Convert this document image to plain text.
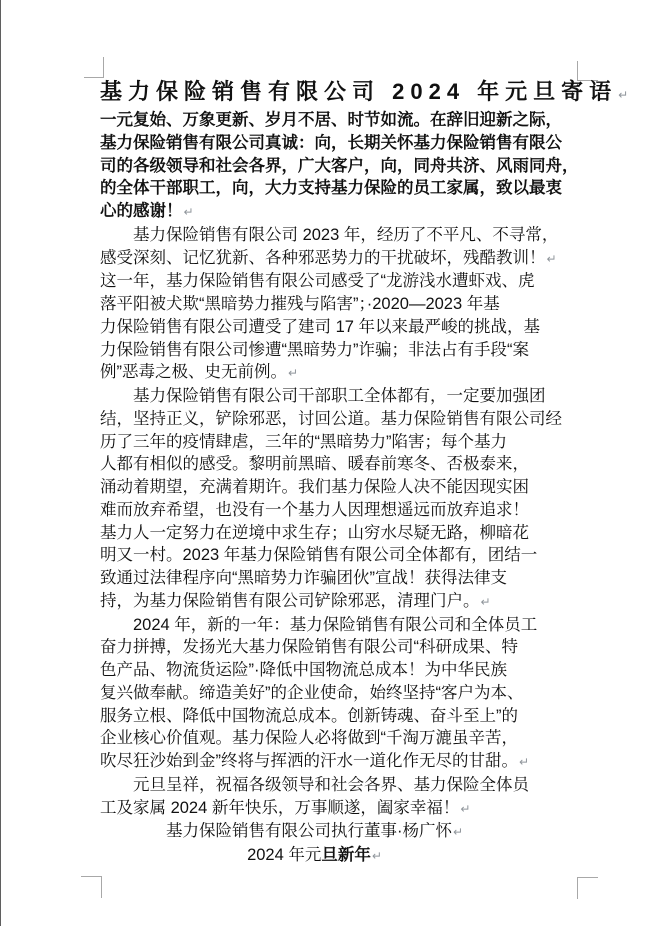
基力保险销售有限公司 2024 年元旦寄语↵
一元复始、万象更新、岁月不居、时节如流。在辞旧迎新之际，
基力保险销售有限公司真诚：向，长期关怀基力保险销售有限公
司的各级领导和社会各界，广大客户，向，同舟共济、风雨同舟，
的全体干部职工，向，大力支持基力保险的员工家属，致以最衷
心的感谢！↵
　　基力保险销售有限公司 2023 年，经历了不平凡、不寻常，
感受深刻、记忆犹新、各种邪恶势力的干扰破坏，残酷教训！↵
这一年，基力保险销售有限公司感受了“龙游浅水遭虾戏、虎
落平阳被犬欺“黑暗势力摧残与陷害”；·2020—2023 年基
力保险销售有限公司遭受了建司 17 年以来最严峻的挑战，基
力保险销售有限公司惨遭“黑暗势力”诈骗；非法占有手段“案
例”恶毒之极、史无前例。↵
　　基力保险销售有限公司干部职工全体都有，一定要加强团
结，坚持正义，铲除邪恶，讨回公道。基力保险销售有限公司经
历了三年的疫情肆虐，三年的“黑暗势力”陷害；每个基力
人都有相似的感受。黎明前黑暗、暖春前寒冬、否极泰来，
涌动着期望，充满着期许。我们基力保险人决不能因现实困
难而放弃希望，也没有一个基力人因理想遥远而放弃追求！
基力人一定努力在逆境中求生存；山穷水尽疑无路，柳暗花
明又一村。2023 年基力保险销售有限公司全体都有，团结一
致通过法律程序向“黑暗势力诈骗团伙”宣战！获得法律支
持，为基力保险销售有限公司铲除邪恶，清理门户。↵
　　2024 年，新的一年：基力保险销售有限公司和全体员工
奋力拼搏，发扬光大基力保险销售有限公司“科研成果、特
色产品、物流货运险”·降低中国物流总成本！为中华民族
复兴做奉献。缔造美好”的企业使命，始终坚持“客户为本、
服务立根、降低中国物流总成本。创新铸魂、奋斗至上”的
企业核心价值观。基力保险人必将做到“千淘万漉虽辛苦，
吹尽狂沙始到金”终将与挥洒的汗水一道化作无尽的甘甜。↵
　　元旦呈祥，祝福各级领导和社会各界、基力保险全体员
工及家属 2024 新年快乐，万事顺遂，阖家幸福！↵
基力保险销售有限公司执行董事·杨广怀↵
2024 年元旦新年↵
